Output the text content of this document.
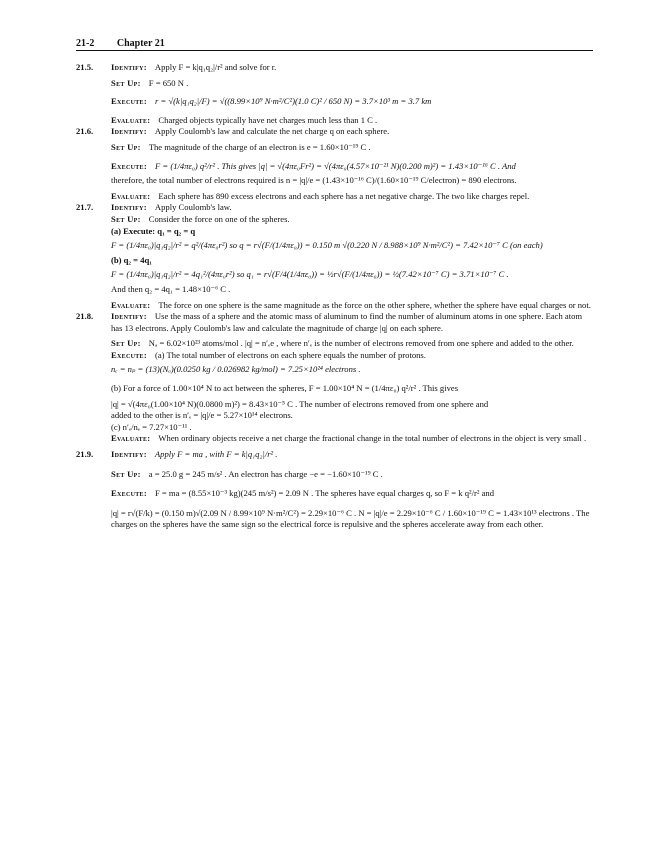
21-2 Chapter 21
21.5.	Identify: Apply F = k|q₁q₂|/r² and solve for r.
Set Up: F = 650 N .
Execute: r = √(k|q₁q₂|/F) = √((8.99×10⁹ N·m²/C²)(1.0 C)² / 650 N) = 3.7×10³ m = 3.7 km
Evaluate: Charged objects typically have net charges much less than 1 C .
21.6.	Identify: Apply Coulomb's law and calculate the net charge q on each sphere.
Set Up: The magnitude of the charge of an electron is e = 1.60×10⁻¹⁹ C .
Execute: F = (1/4πε₀) q²/r² . This gives |q| = √(4πε₀Fr²) = √(4πε₀(4.57×10⁻²¹ N)(0.200 m)²) = 1.43×10⁻¹⁶ C . And
therefore, the total number of electrons required is n = |q|/e = (1.43×10⁻¹⁶ C)/(1.60×10⁻¹⁹ C/electron) = 890 electrons.
Evaluate: Each sphere has 890 excess electrons and each sphere has a net negative charge. The two like charges repel.
21.7.	Identify: Apply Coulomb's law.
Set Up: Consider the force on one of the spheres.
(a) Execute: q₁ = q₂ = q
F = (1/4πε₀)|q₁q₂|/r² = q²/(4πε₀r²) so q = r√(F/(1/4πε₀)) = 0.150 m √(0.220 N / 8.988×10⁹ N·m²/C²) = 7.42×10⁻⁷ C (on each)
(b) q₂ = 4q₁
F = (1/4πε₀)|q₁q₂|/r² = 4q₁²/(4πε₀r²) so q₁ = r√(F/4(1/4πε₀)) = ½r√(F/(1/4πε₀)) = ½(7.42×10⁻⁷ C) = 3.71×10⁻⁷ C .
And then q₂ = 4q₁ = 1.48×10⁻⁶ C .
Evaluate: The force on one sphere is the same magnitude as the force on the other sphere, whether the sphere have equal charges or not.
21.8.	Identify: Use the mass of a sphere and the atomic mass of aluminum to find the number of aluminum atoms in one sphere. Each atom has 13 electrons. Apply Coulomb's law and calculate the magnitude of charge |q| on each sphere.
Set Up: Nₐ = 6.02×10²³ atoms/mol . |q| = n′ₑe , where n′ₑ is the number of electrons removed from one sphere and added to the other.
Execute: (a) The total number of electrons on each sphere equals the number of protons.
nₑ = nₚ = (13)(Nₐ)(0.0250 kg / 0.026982 kg/mol) = 7.25×10²⁴ electrons .
(b) For a force of 1.00×10⁴ N to act between the spheres, F = 1.00×10⁴ N = (1/4πε₀) q²/r² . This gives
|q| = √(4πε₀(1.00×10⁴ N)(0.0800 m)²) = 8.43×10⁻⁵ C . The number of electrons removed from one sphere and
added to the other is n′ₑ = |q|/e = 5.27×10¹⁴ electrons.
(c) n′ₑ/nₑ = 7.27×10⁻¹¹ .
Evaluate: When ordinary objects receive a net charge the fractional change in the total number of electrons in the object is very small .
21.9.	Identify: Apply F = ma , with F = k|q₁q₂|/r² .
Set Up: a = 25.0 g = 245 m/s² . An electron has charge −e = −1.60×10⁻¹⁹ C .
Execute: F = ma = (8.55×10⁻³ kg)(245 m/s²) = 2.09 N . The spheres have equal charges q, so F = k q²/r² and
|q| = r√(F/k) = (0.150 m)√(2.09 N / 8.99×10⁹ N·m²/C²) = 2.29×10⁻⁶ C . N = |q|/e = 2.29×10⁻⁶ C / 1.60×10⁻¹⁹ C = 1.43×10¹³ electrons . The
charges on the spheres have the same sign so the electrical force is repulsive and the spheres accelerate away from each other.
